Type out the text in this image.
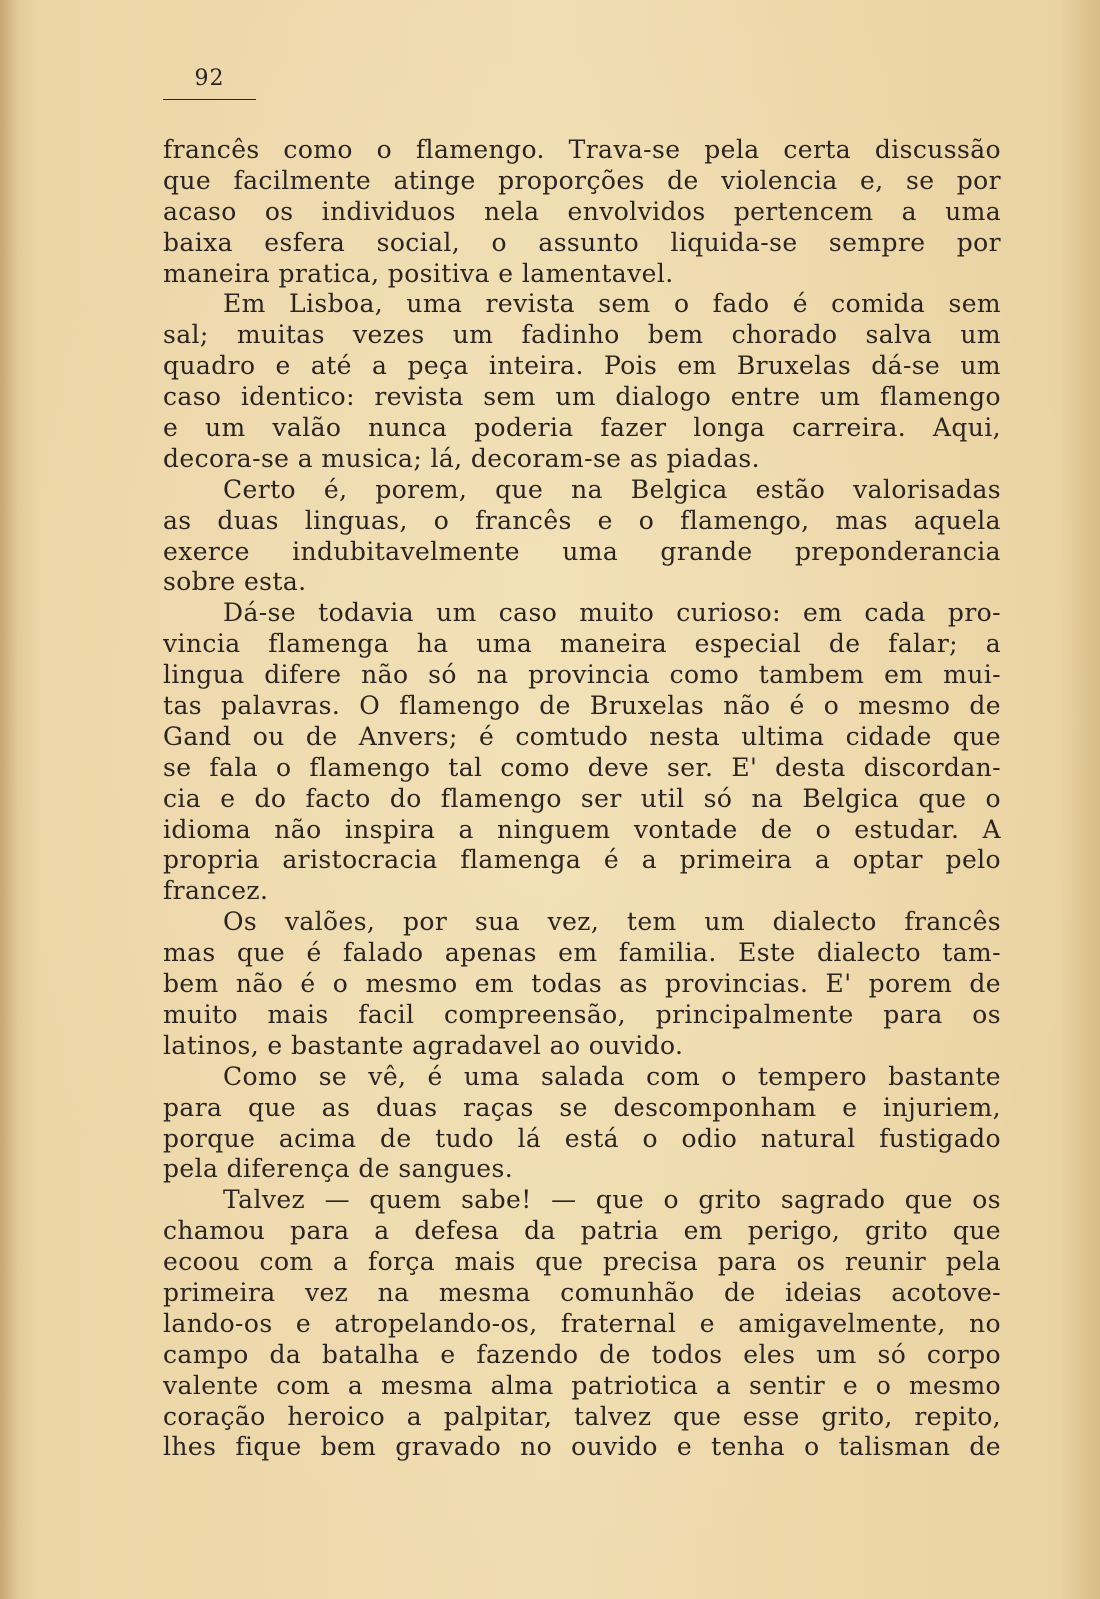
92
francês como o flamengo. Trava-se pela certa discussão
que facilmente atinge proporções de violencia e, se por
acaso os individuos nela envolvidos pertencem a uma
baixa esfera social, o assunto liquida-se sempre por
maneira pratica, positiva e lamentavel.
Em Lisboa, uma revista sem o fado é comida sem
sal; muitas vezes um fadinho bem chorado salva um
quadro e até a peça inteira. Pois em Bruxelas dá-se um
caso identico: revista sem um dialogo entre um flamengo
e um valão nunca poderia fazer longa carreira. Aqui,
decora-se a musica; lá, decoram-se as piadas.
Certo é, porem, que na Belgica estão valorisadas
as duas linguas, o francês e o flamengo, mas aquela
exerce indubitavelmente uma grande preponderancia
sobre esta.
Dá-se todavia um caso muito curioso: em cada pro-
vincia flamenga ha uma maneira especial de falar; a
lingua difere não só na provincia como tambem em mui-
tas palavras. O flamengo de Bruxelas não é o mesmo de
Gand ou de Anvers; é comtudo nesta ultima cidade que
se fala o flamengo tal como deve ser. E' desta discordan-
cia e do facto do flamengo ser util só na Belgica que o
idioma não inspira a ninguem vontade de o estudar. A
propria aristocracia flamenga é a primeira a optar pelo
francez.
Os valões, por sua vez, tem um dialecto francês
mas que é falado apenas em familia. Este dialecto tam-
bem não é o mesmo em todas as provincias. E' porem de
muito mais facil compreensão, principalmente para os
latinos, e bastante agradavel ao ouvido.
Como se vê, é uma salada com o tempero bastante
para que as duas raças se descomponham e injuriem,
porque acima de tudo lá está o odio natural fustigado
pela diferença de sangues.
Talvez — quem sabe! — que o grito sagrado que os
chamou para a defesa da patria em perigo, grito que
ecoou com a força mais que precisa para os reunir pela
primeira vez na mesma comunhão de ideias acotove-
lando-os e atropelando-os, fraternal e amigavelmente, no
campo da batalha e fazendo de todos eles um só corpo
valente com a mesma alma patriotica a sentir e o mesmo
coração heroico a palpitar, talvez que esse grito, repito,
lhes fique bem gravado no ouvido e tenha o talisman de
